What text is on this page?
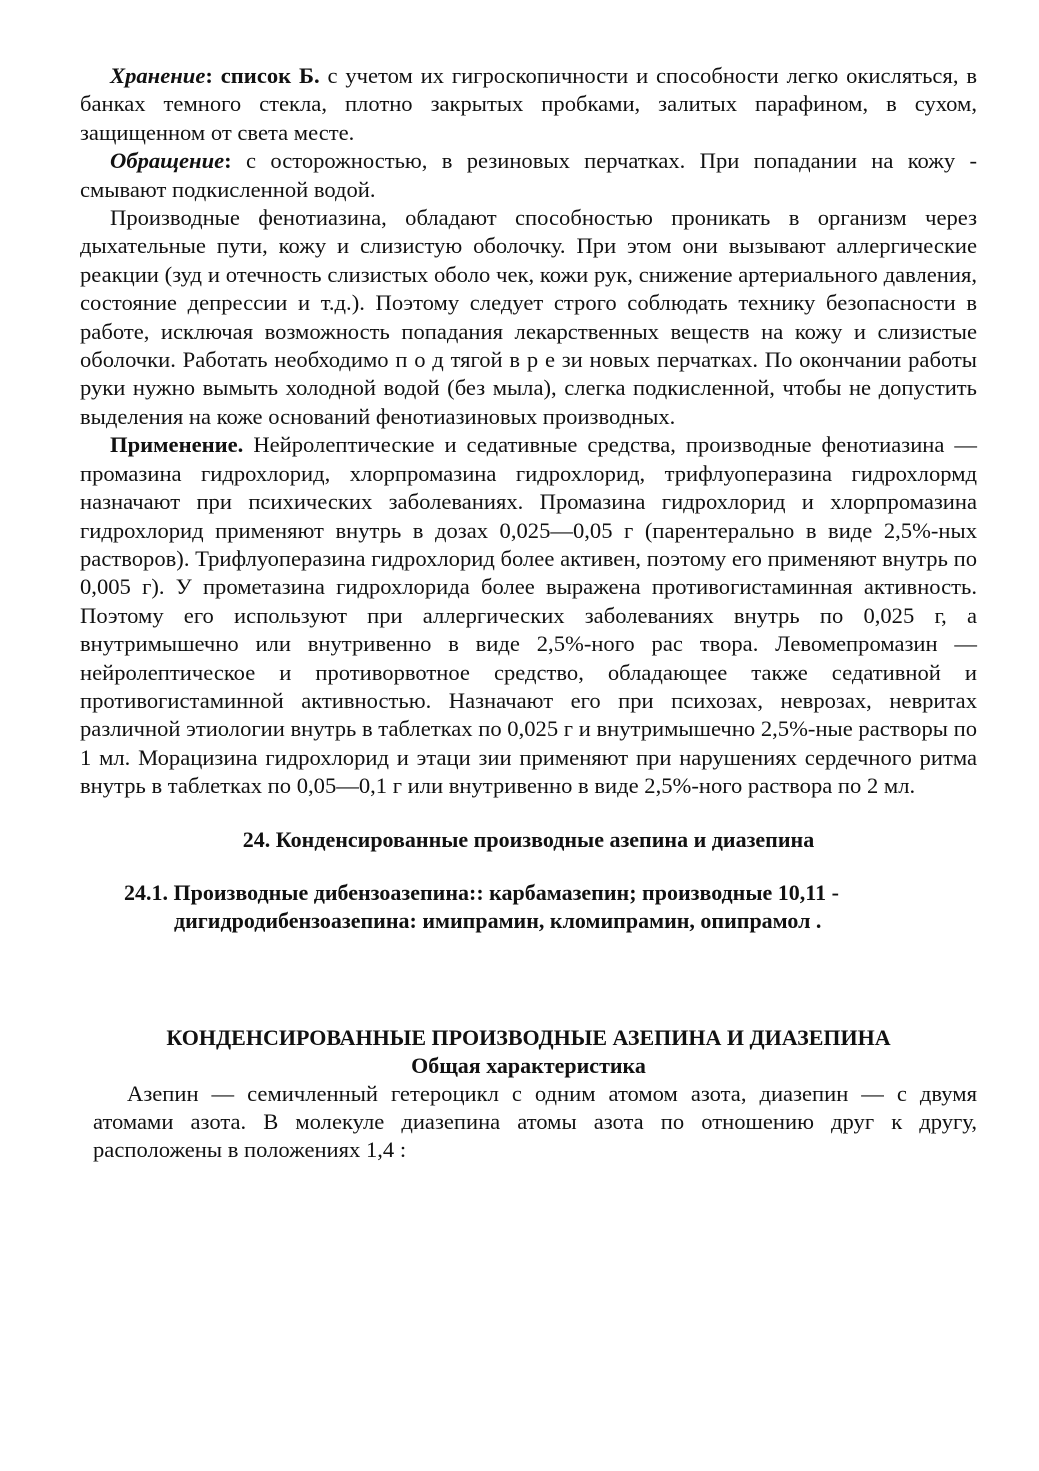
Хранение: список Б. с учетом их гигроскопичности и способности легко окисляться, в банках темного стекла, плотно закрытых пробками, залитых парафином, в сухом, защищенном от света месте.

Обращение: с осторожностью, в резиновых перчатках. При попадании на кожу - смывают подкисленной водой.

Производные фенотиазина, обладают способностью проникать в организм через дыхательные пути, кожу и слизистую оболочку. При этом они вызывают аллергические реакции (зуд и отечность слизистых оболо чек, кожи рук, снижение артериального давления, состояние депрессии и т.д.). Поэтому следует строго соблюдать технику безопасности в работе, исключая возможность попадания лекарственных веществ на кожу и слизистые оболочки. Работать необходимо п о д тягой в р е зи новых перчатках. По окончании работы руки нужно вымыть холодной водой (без мыла), слегка подкисленной, чтобы не допустить выделения на коже оснований фенотиазиновых производных.

Применение. Нейролептические и седативные средства, производные фенотиазина — промазина гидрохлорид, хлорпромазина гидрохлорид, трифлуоперазина гидрохлормд назначают при психических заболеваниях. Промазина гидрохлорид и хлорпромазина гидрохлорид применяют внутрь в дозах 0,025—0,05 г (парентерально в виде 2,5%-ных растворов). Трифлуоперазина гидрохлорид более активен, поэтому его применяют внутрь по 0,005 г). У прометазина гидрохлорида более выражена противогистаминная активность. Поэтому его используют при аллергических заболеваниях внутрь по 0,025 г, а внутримышечно или внутривенно в виде 2,5%-ного рас твора. Левомепромазин — нейролептическое и противорвотное средство, обладающее также седативной и противогистаминной активностью. Назначают его при психозах, неврозах, невритах различной этиологии внутрь в таблетках по 0,025 г и внутримышечно 2,5%-ные растворы по 1 мл. Морацизина гидрохлорид и этаци зии применяют при нарушениях сердечного ритма внутрь в таблетках по 0,05—0,1 г или внутривенно в виде 2,5%-ного раствора по 2 мл.

24. Конденсированные производные азепина и диазепина
24.1. Производные дибензоазепина:: карбамазепин; производные 10,11 -
дигидродибензоазепина: имипрамин, кломипрамин, опипрамол .
КОНДЕНСИРОВАННЫЕ ПРОИЗВОДНЫЕ АЗЕПИНА И ДИАЗЕПИНА
Общая характеристика

Азепин — семичленный гетероцикл с одним атомом азота, диазепин — с двумя атомами азота. В молекуле диазепина атомы азота по отношению друг к другу, расположены в положениях 1,4 :
